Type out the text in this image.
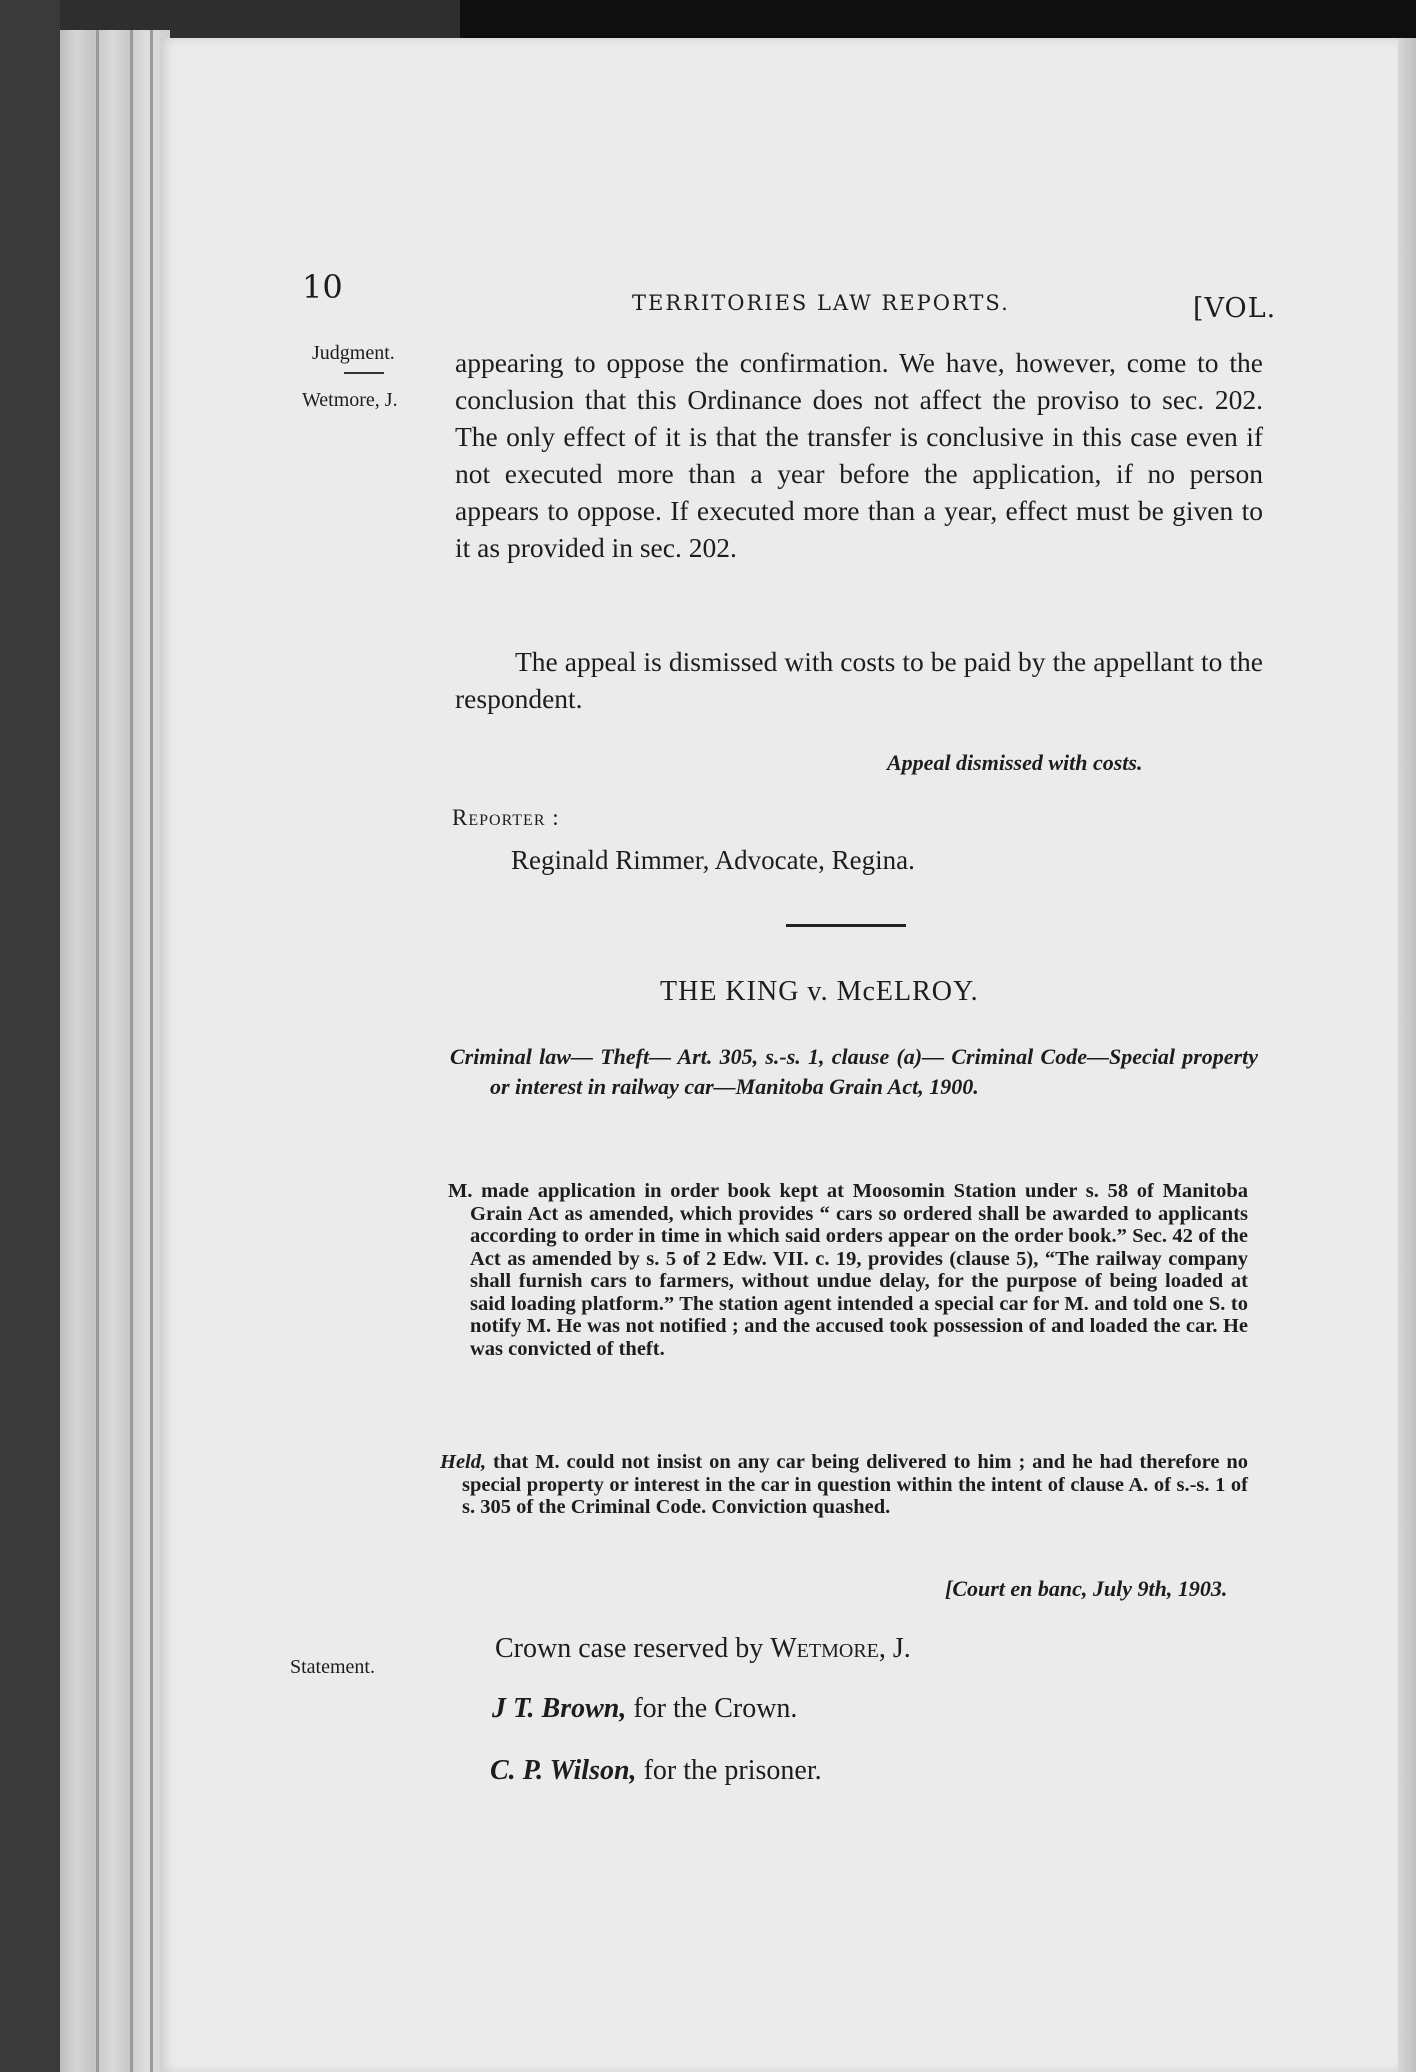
10	TERRITORIES LAW REPORTS.	[VOL.
Judgment.
Wetmore, J.
appearing to oppose the confirmation. We have, however, come to the conclusion that this Ordinance does not affect the proviso to sec. 202. The only effect of it is that the transfer is conclusive in this case even if not executed more than a year before the application, if no person appears to oppose. If executed more than a year, effect must be given to it as provided in sec. 202.
The appeal is dismissed with costs to be paid by the appellant to the respondent.
Appeal dismissed with costs.
Reporter :
Reginald Rimmer, Advocate, Regina.
THE KING v. McELROY.
Criminal law— Theft— Art. 305, s.-s. 1, clause (a)— Criminal Code—Special property or interest in railway car—Manitoba Grain Act, 1900.
M. made application in order book kept at Moosomin Station under s. 58 of Manitoba Grain Act as amended, which provides “ cars so ordered shall be awarded to applicants according to order in time in which said orders appear on the order book.” Sec. 42 of the Act as amended by s. 5 of 2 Edw. VII. c. 19, provides (clause 5), “The railway company shall furnish cars to farmers, without undue delay, for the purpose of being loaded at said loading platform.” The station agent intended a special car for M. and told one S. to notify M. He was not notified ; and the accused took possession of and loaded the car. He was convicted of theft.
Held, that M. could not insist on any car being delivered to him ; and he had therefore no special property or interest in the car in question within the intent of clause A. of s.-s. 1 of s. 305 of the Criminal Code. Conviction quashed.
[Court en banc, July 9th, 1903.
Statement.
Crown case reserved by Wetmore, J.
J T. Brown, for the Crown.
C. P. Wilson, for the prisoner.
